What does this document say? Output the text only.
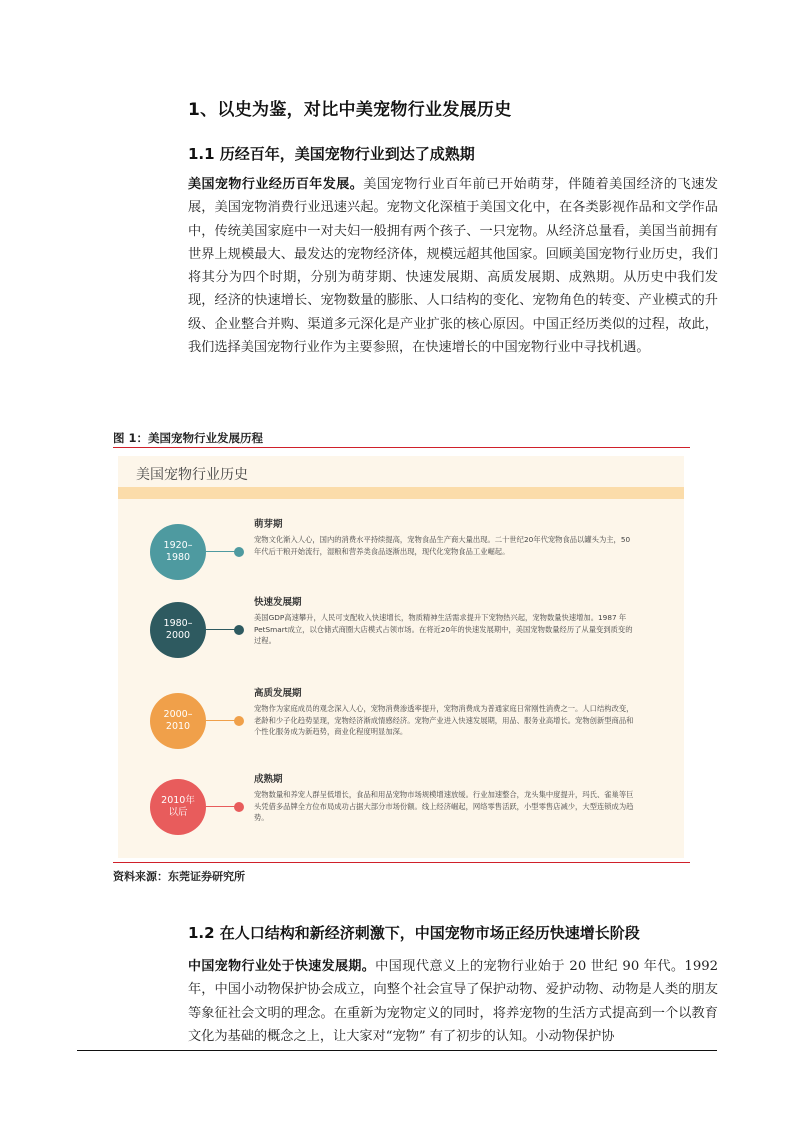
1、以史为鉴，对比中美宠物行业发展历史
1.1 历经百年，美国宠物行业到达了成熟期
美国宠物行业经历百年发展。美国宠物行业百年前已开始萌芽，伴随着美国经济的飞速发展，美国宠物消费行业迅速兴起。宠物文化深植于美国文化中，在各类影视作品和文学作品中，传统美国家庭中一对夫妇一般拥有两个孩子、一只宠物。从经济总量看，美国当前拥有世界上规模最大、最发达的宠物经济体，规模远超其他国家。回顾美国宠物行业历史，我们将其分为四个时期，分别为萌芽期、快速发展期、高质发展期、成熟期。从历史中我们发现，经济的快速增长、宠物数量的膨胀、人口结构的变化、宠物角色的转变、产业模式的升级、企业整合并购、渠道多元深化是产业扩张的核心原因。中国正经历类似的过程，故此，我们选择美国宠物行业作为主要参照，在快速增长的中国宠物行业中寻找机遇。
图 1：美国宠物行业发展历程
美国宠物行业历史
1920–
1980
萌芽期
宠物文化渐入人心，国内的消费水平持续提高，宠物食品生产商大量出现。二十世纪20年代宠物食品以罐头为主，50年代后干粮开始流行，湿粮和营养类食品逐渐出现，现代化宠物食品工业崛起。
1980–
2000
快速发展期
美国GDP高速攀升，人民可支配收入快速增长，物质精神生活需求提升下宠物热兴起，宠物数量快速增加。1987 年PetSmart成立，以仓储式商圈大店模式占领市场。在将近20年的快速发展期中，美国宠物数量经历了从量变到质变的过程。
2000–
2010
高质发展期
宠物作为家庭成员的观念深入人心，宠物消费渗透率提升，宠物消费成为普通家庭日常刚性消费之一。人口结构改变，老龄和少子化趋势显现，宠物经济渐成情感经济。宠物产业进入快速发展期，用品、服务业高增长。宠物创新型商品和个性化服务成为新趋势，商业化程度明显加深。
2010年
以后
成熟期
宠物数量和养宠人群呈低增长，食品和用品宠物市场规模增速放缓。行业加速整合，龙头集中度提升，玛氏、雀巢等巨头凭借多品牌全方位布局成功占据大部分市场份额。线上经济崛起，网络零售活跃，小型零售店减少，大型连锁成为趋势。
资料来源：东莞证券研究所
1.2 在人口结构和新经济刺激下，中国宠物市场正经历快速增长阶段
中国宠物行业处于快速发展期。中国现代意义上的宠物行业始于 20 世纪 90 年代。1992 年，中国小动物保护协会成立，向整个社会宣导了保护动物、爱护动物、动物是人类的朋友等象征社会文明的理念。在重新为宠物定义的同时，将养宠物的生活方式提高到一个以教育文化为基础的概念之上，让大家对“宠物” 有了初步的认知。小动物保护协
